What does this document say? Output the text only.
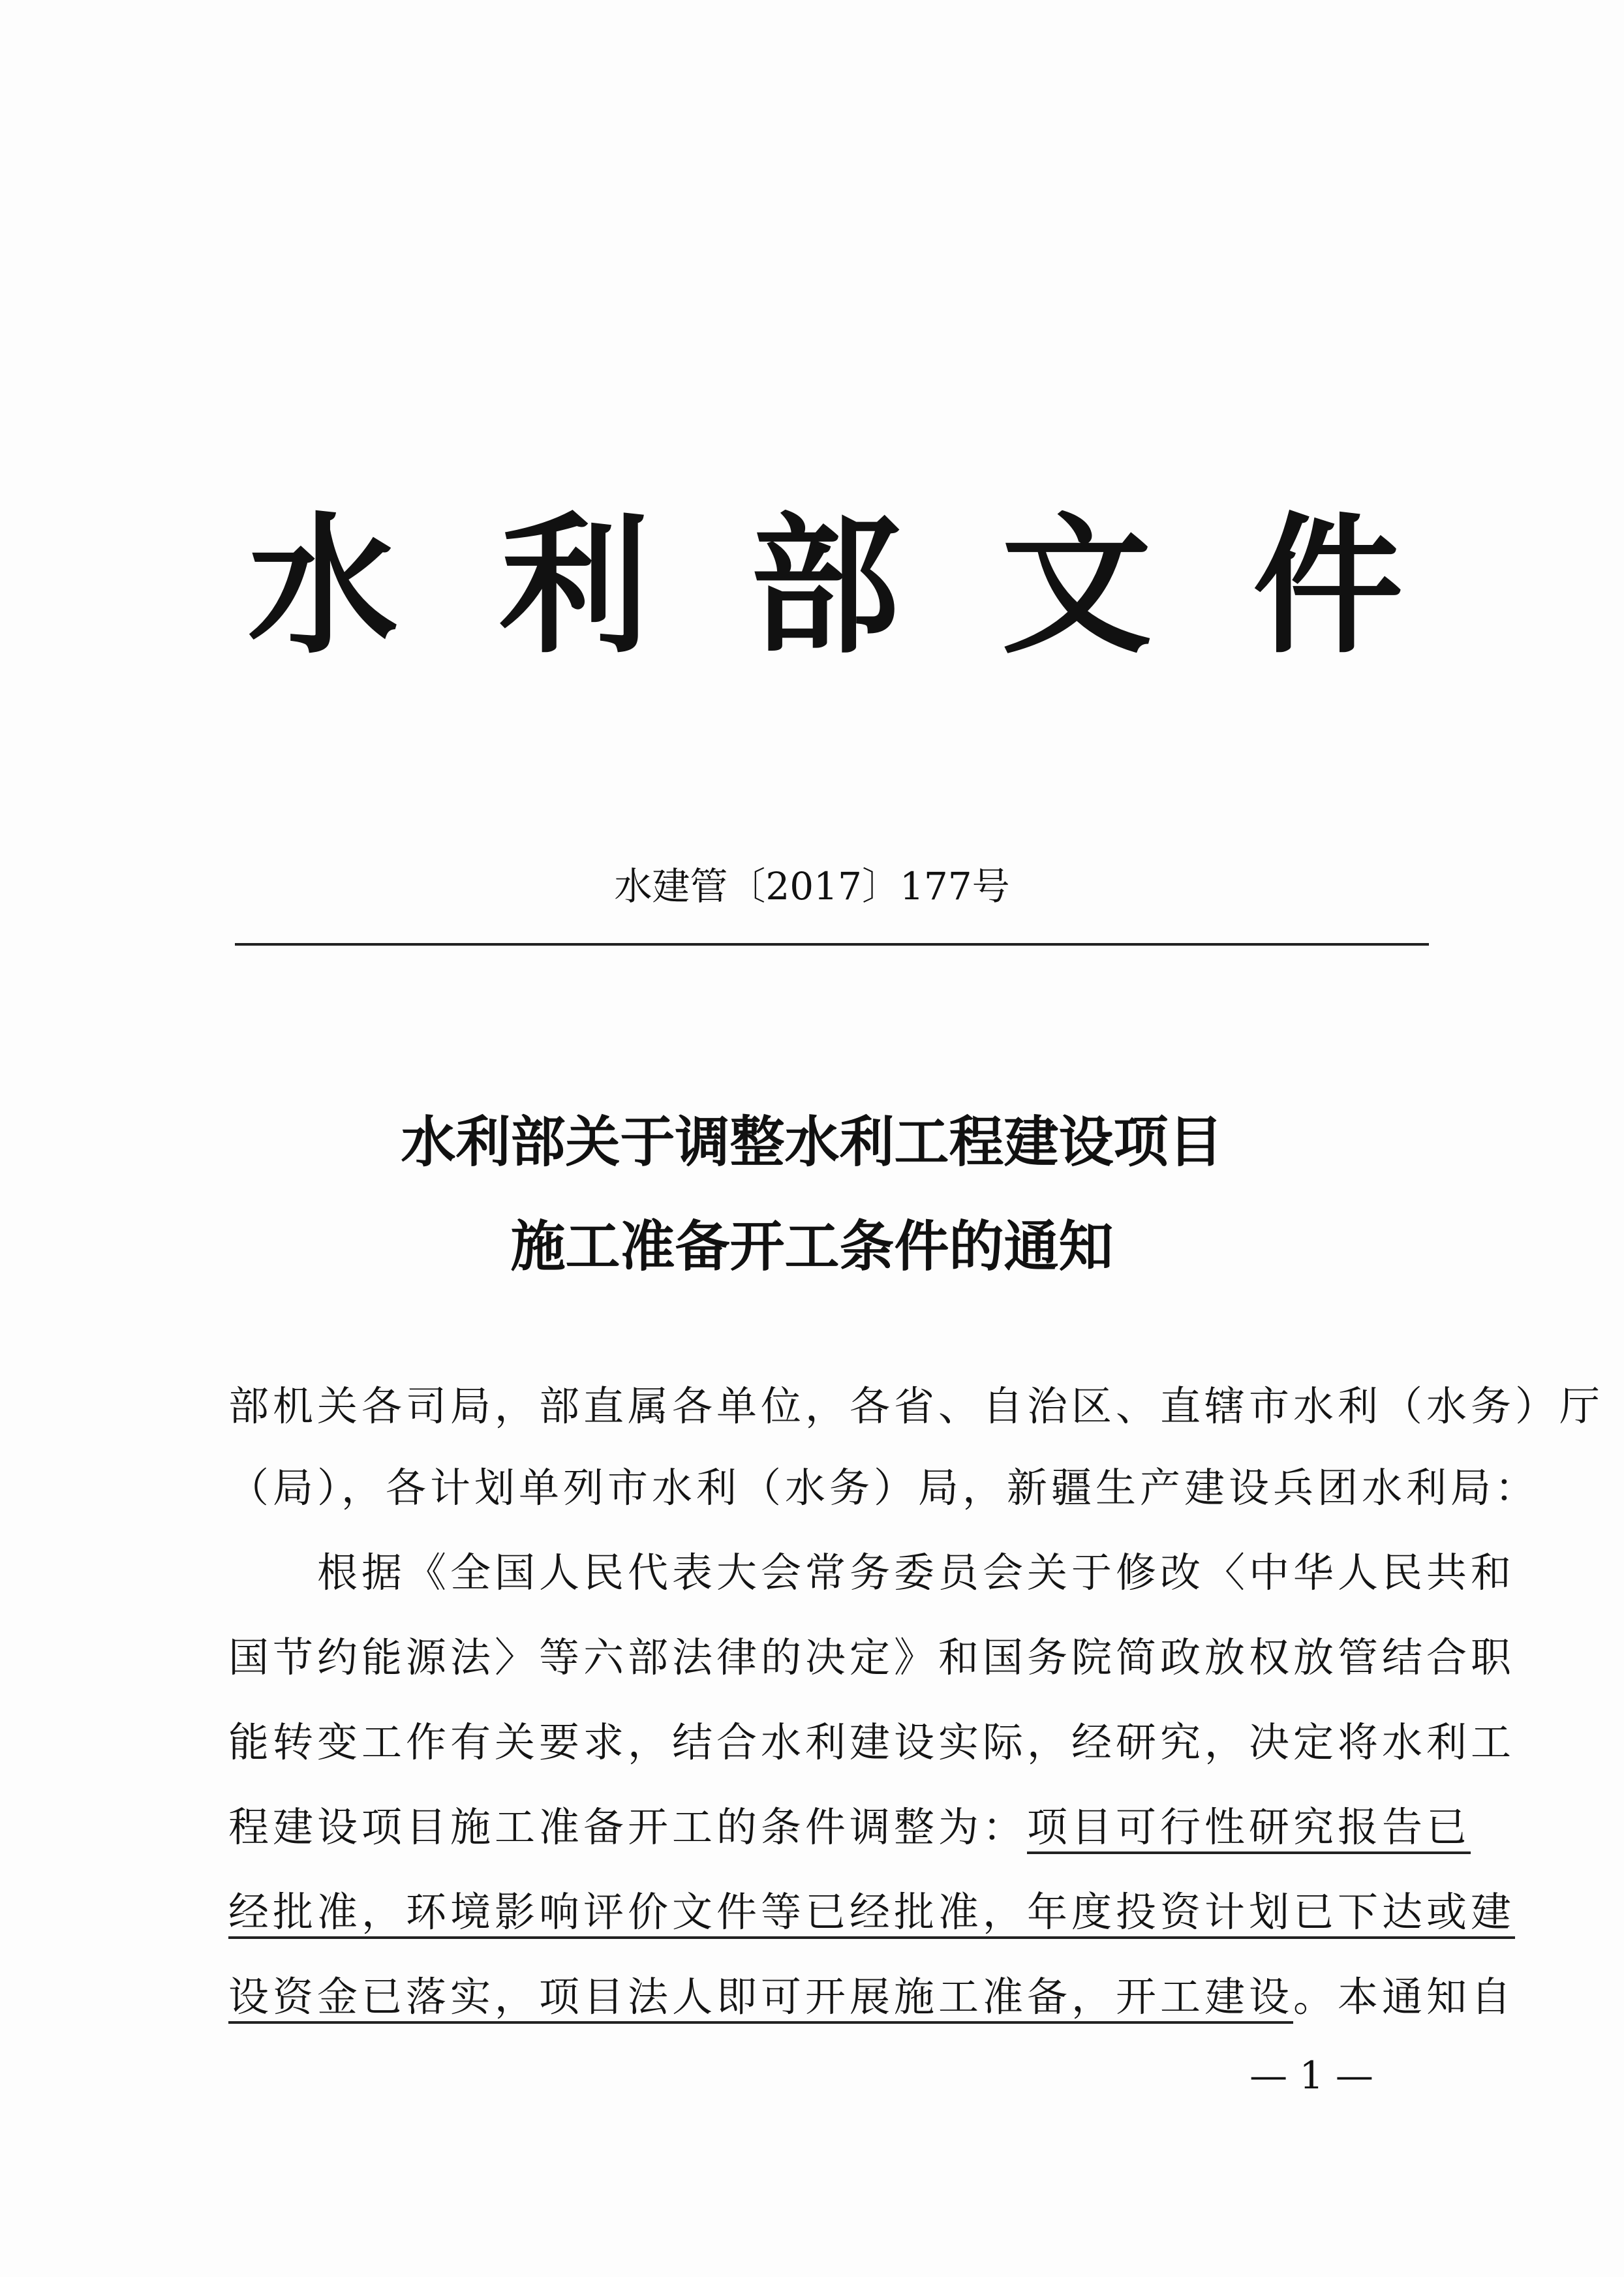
水利部文件
水建管〔2017〕177号
水利部关于调整水利工程建设项目
施工准备开工条件的通知
部机关各司局，部直属各单位，各省、自治区、直辖市水利（水务）厅
（局），各计划单列市水利（水务）局，新疆生产建设兵团水利局：
　　根据《全国人民代表大会常务委员会关于修改〈中华人民共和
国节约能源法〉等六部法律的决定》和国务院简政放权放管结合职
能转变工作有关要求，结合水利建设实际，经研究，决定将水利工
程建设项目施工准备开工的条件调整为：项目可行性研究报告已
经批准，环境影响评价文件等已经批准，年度投资计划已下达或建
设资金已落实，项目法人即可开展施工准备，开工建设。本通知自
— 1 —
